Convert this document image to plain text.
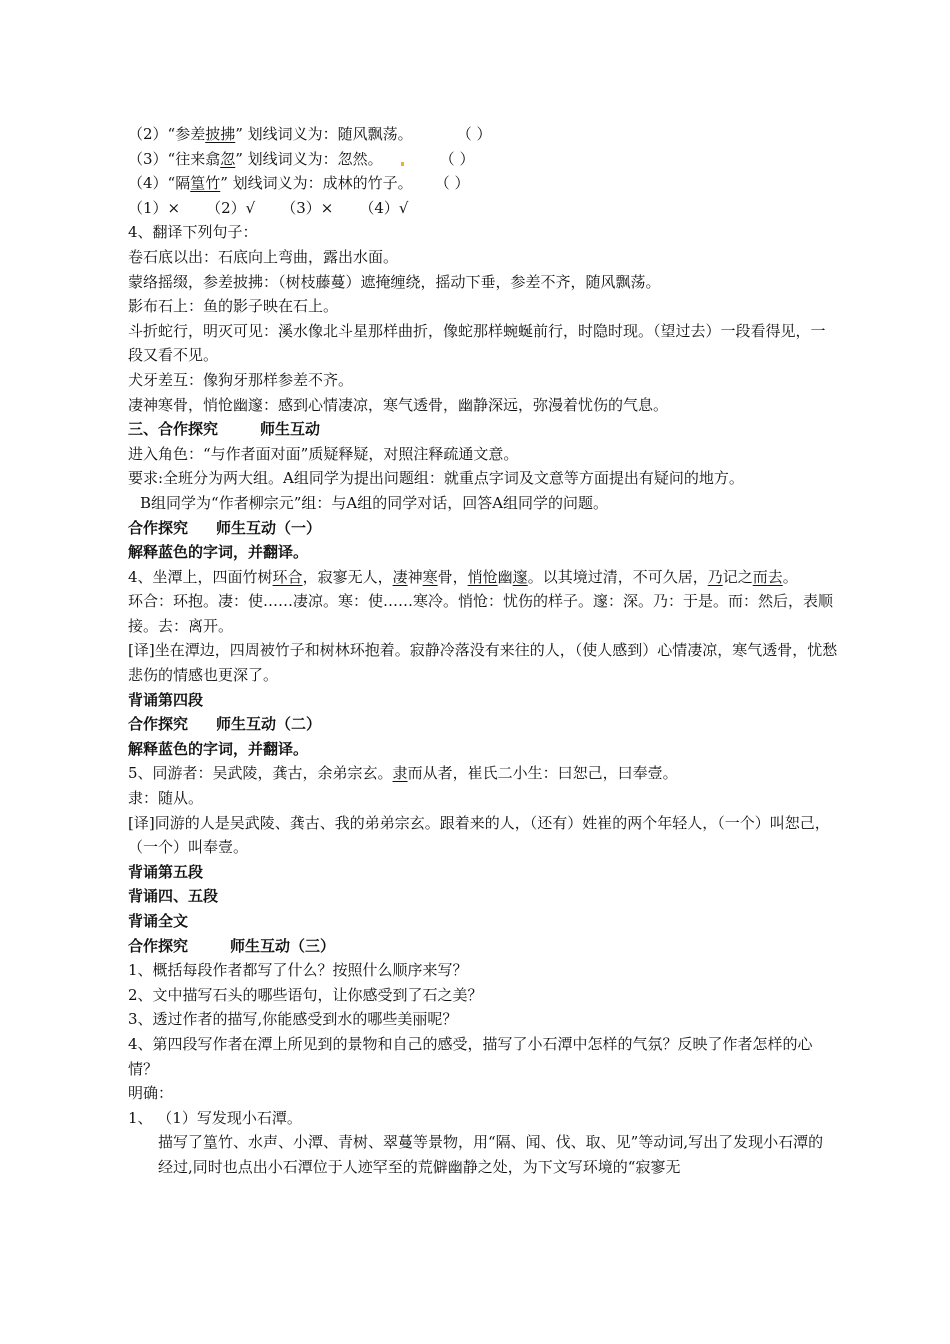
（2）“参差披拂” 划线词义为：随风飘荡。	（ ）
（3）“往来翕忽” 划线词义为：忽然。	（ ）
（4）“隔篁竹” 划线词义为：成林的竹子。 （ ）
（1）× （2）√ （3）× （4）√
4、翻译下列句子：
卷石底以出：石底向上弯曲，露出水面。
蒙络摇缀，参差披拂：（树枝藤蔓）遮掩缠绕，摇动下垂，参差不齐，随风飘荡。
影布石上：鱼的影子映在石上。
斗折蛇行，明灭可见：溪水像北斗星那样曲折，像蛇那样蜿蜒前行，时隐时现。（望过去）一段看得见，一段又看不见。
犬牙差互：像狗牙那样参差不齐。
凄神寒骨，悄怆幽邃：感到心情凄凉，寒气透骨，幽静深远，弥漫着忧伤的气息。
三、合作探究	师生互动
进入角色：“与作者面对面”质疑释疑，对照注释疏通文意。
要求:全班分为两大组。A组同学为提出问题组：就重点字词及文意等方面提出有疑问的地方。
B组同学为“作者柳宗元”组：与A组的同学对话，回答A组同学的问题。
合作探究 师生互动（一）
解释蓝色的字词，并翻译。
4、坐潭上，四面竹树环合，寂寥无人，凄神寒骨，悄怆幽邃。以其境过清，不可久居，乃记之而去。
环合：环抱。凄：使……凄凉。寒：使……寒冷。悄怆：忧伤的样子。邃：深。乃：于是。而：然后，表顺接。去：离开。
[译]坐在潭边，四周被竹子和树林环抱着。寂静冷落没有来往的人，（使人感到）心情凄凉，寒气透骨，忧愁悲伤的情感也更深了。
背诵第四段
合作探究 师生互动（二）
解释蓝色的字词，并翻译。
5、同游者：吴武陵，龚古，余弟宗玄。隶而从者，崔氏二小生：曰恕己，曰奉壹。
隶：随从。
[译]同游的人是吴武陵、龚古、我的弟弟宗玄。跟着来的人，（还有）姓崔的两个年轻人，（一个）叫恕己，（一个）叫奉壹。
背诵第五段
背诵四、五段
背诵全文
合作探究	师生互动（三）
1、概括每段作者都写了什么？按照什么顺序来写？
2、文中描写石头的哪些语句，让你感受到了石之美？
3、透过作者的描写,你能感受到水的哪些美丽呢？
4、第四段写作者在潭上所见到的景物和自己的感受，描写了小石潭中怎样的气氛？反映了作者怎样的心情？
明确：
1、 （1）写发现小石潭。
描写了篁竹、水声、小潭、青树、翠蔓等景物，用“隔、闻、伐、取、见”等动词,写出了发现小石潭的经过,同时也点出小石潭位于人迹罕至的荒僻幽静之处，为下文写环境的“寂寥无
